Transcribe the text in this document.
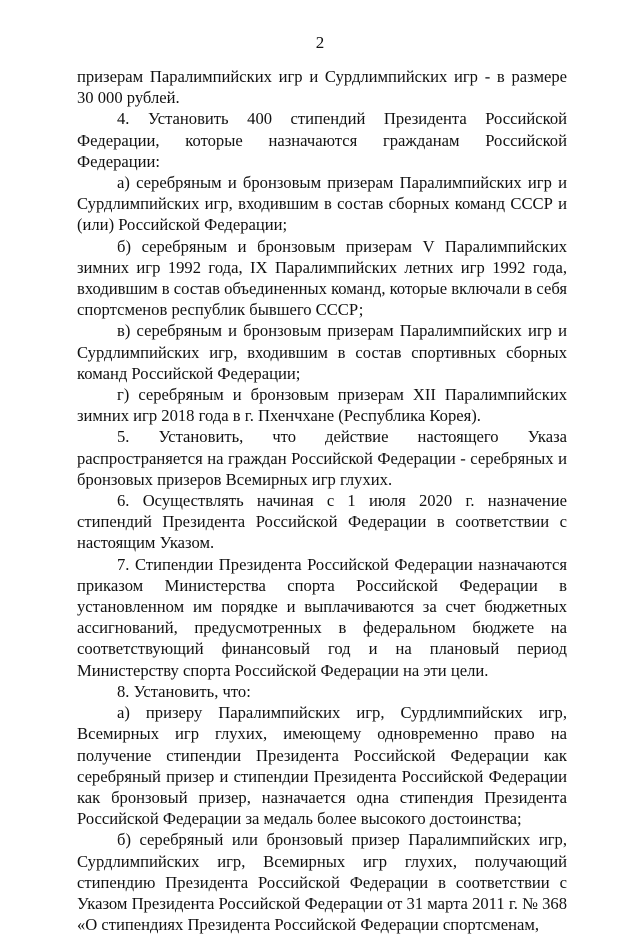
2

призерам Паралимпийских игр и Сурдлимпийских игр - в размере 30 000 рублей.

4. Установить 400 стипендий Президента Российской Федерации, которые назначаются гражданам Российской Федерации:

а) серебряным и бронзовым призерам Паралимпийских игр и Сурдлимпийских игр, входившим в состав сборных команд СССР и (или) Российской Федерации;

б) серебряным и бронзовым призерам V Паралимпийских зимних игр 1992 года, IX Паралимпийских летних игр 1992 года, входившим в состав объединенных команд, которые включали в себя спортсменов республик бывшего СССР;

в) серебряным и бронзовым призерам Паралимпийских игр и Сурдлимпийских игр, входившим в состав спортивных сборных команд Российской Федерации;

г) серебряным и бронзовым призерам XII Паралимпийских зимних игр 2018 года в г. Пхенчхане (Республика Корея).

5. Установить, что действие настоящего Указа распространяется на граждан Российской Федерации - серебряных и бронзовых призеров Всемирных игр глухих.

6. Осуществлять начиная с 1 июля 2020 г. назначение стипендий Президента Российской Федерации в соответствии с настоящим Указом.

7. Стипендии Президента Российской Федерации назначаются приказом Министерства спорта Российской Федерации в установленном им порядке и выплачиваются за счет бюджетных ассигнований, предусмотренных в федеральном бюджете на соответствующий финансовый год и на плановый период Министерству спорта Российской Федерации на эти цели.

8. Установить, что:

а) призеру Паралимпийских игр, Сурдлимпийских игр, Всемирных игр глухих, имеющему одновременно право на получение стипендии Президента Российской Федерации как серебряный призер и стипендии Президента Российской Федерации как бронзовый призер, назначается одна стипендия Президента Российской Федерации за медаль более высокого достоинства;

б) серебряный или бронзовый призер Паралимпийских игр, Сурдлимпийских игр, Всемирных игр глухих, получающий стипендию Президента Российской Федерации в соответствии с Указом Президента Российской Федерации от 31 марта 2011 г. № 368 «О стипендиях Президента Российской Федерации спортсменам,
